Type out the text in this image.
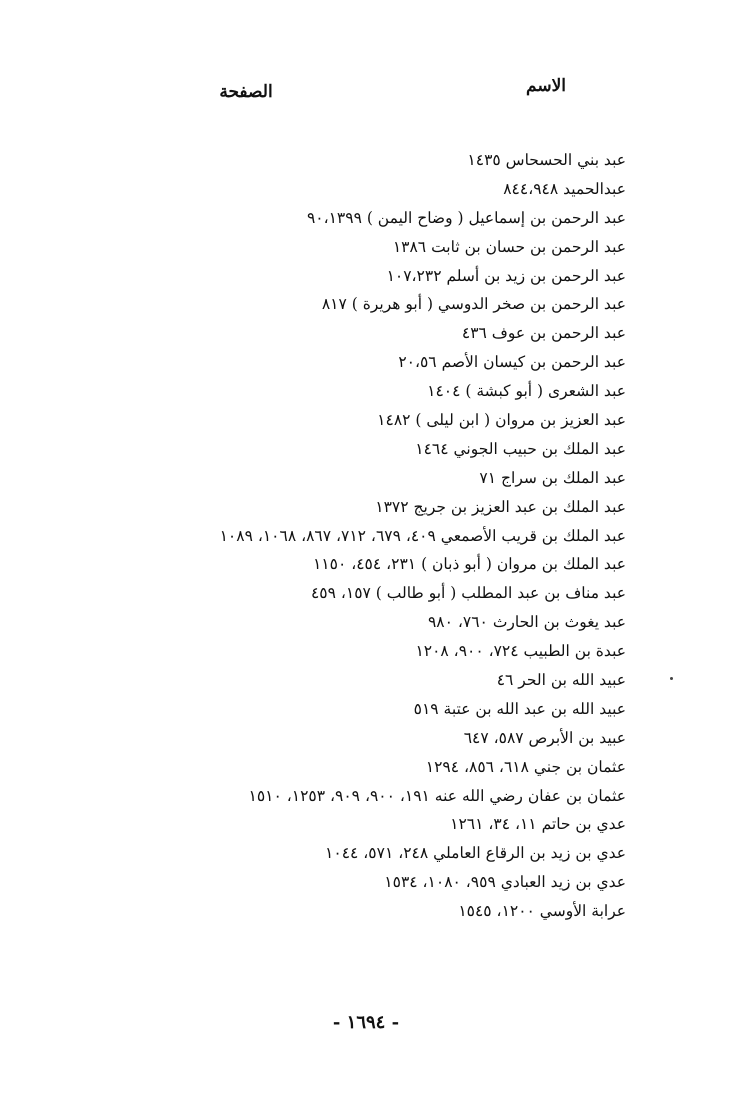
الاسم
الصفحة
عبد بني الحسحاس ١٤٣٥
عبدالحميد ٨٤٤،٩٤٨
عبد الرحمن بن إسماعيل ( وضاح اليمن ) ٩٠،١٣٩٩
عبد الرحمن بن حسان بن ثابت ١٣٨٦
عبد الرحمن بن زيد بن أسلم ١٠٧،٢٣٢
عبد الرحمن بن صخر الدوسي ( أبو هريرة ) ٨١٧
عبد الرحمن بن عوف ٤٣٦
عبد الرحمن بن كيسان الأصم ٢٠،٥٦
عبد الشعرى ( أبو كبشة ) ١٤٠٤
عبد العزيز بن مروان ( ابن ليلى ) ١٤٨٢
عبد الملك بن حبيب الجوني ١٤٦٤
عبد الملك بن سراج ٧١
عبد الملك بن عبد العزيز بن جريج ١٣٧٢
عبد الملك بن قريب الأصمعي ٤٠٩، ٦٧٩، ٧١٢، ٨٦٧، ١٠٦٨، ١٠٨٩
عبد الملك بن مروان ( أبو ذبان ) ٢٣١، ٤٥٤، ١١٥٠
عبد مناف بن عبد المطلب ( أبو طالب ) ١٥٧، ٤٥٩
عبد يغوث بن الحارث ٧٦٠، ٩٨٠
عبدة بن الطبيب ٧٢٤، ٩٠٠، ١٢٠٨
عبيد الله بن الحر ٤٦
عبيد الله بن عبد الله بن عتبة ٥١٩
عبيد بن الأبرص ٥٨٧، ٦٤٧
عثمان بن جني ٦١٨، ٨٥٦، ١٢٩٤
عثمان بن عفان رضي الله عنه ١٩١، ٩٠٠، ٩٠٩، ١٢٥٣، ١٥١٠
عدي بن حاتم ١١، ٣٤، ١٢٦١
عدي بن زيد بن الرقاع العاملي ٢٤٨، ٥٧١، ١٠٤٤
عدي بن زيد العبادي ٩٥٩، ١٠٨٠، ١٥٣٤
عرابة الأوسي ١٢٠٠، ١٥٤٥
- ١٦٩٤ -
